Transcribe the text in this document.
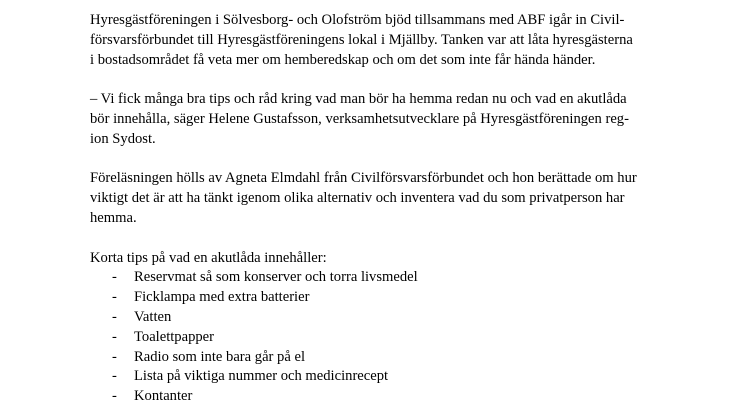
Hyresgästföreningen i Sölvesborg- och Olofström bjöd tillsammans med ABF igår in Civil-
försvarsförbundet till Hyresgästföreningens lokal i Mjällby. Tanken var att låta hyresgästerna
i bostadsområdet få veta mer om hemberedskap och om det som inte får hända händer.

– Vi fick många bra tips och råd kring vad man bör ha hemma redan nu och vad en akutlåda
bör innehålla, säger Helene Gustafsson, verksamhetsutvecklare på Hyresgästföreningen reg-
ion Sydost.

Föreläsningen hölls av Agneta Elmdahl från Civilförsvarsförbundet och hon berättade om hur
viktigt det är att ha tänkt igenom olika alternativ och inventera vad du som privatperson har
hemma.

Korta tips på vad en akutlåda innehåller:

- Reservmat så som konserver och torra livsmedel
- Ficklampa med extra batterier
- Vatten
- Toalettpapper
- Radio som inte bara går på el
- Lista på viktiga nummer och medicinrecept
- Kontanter
